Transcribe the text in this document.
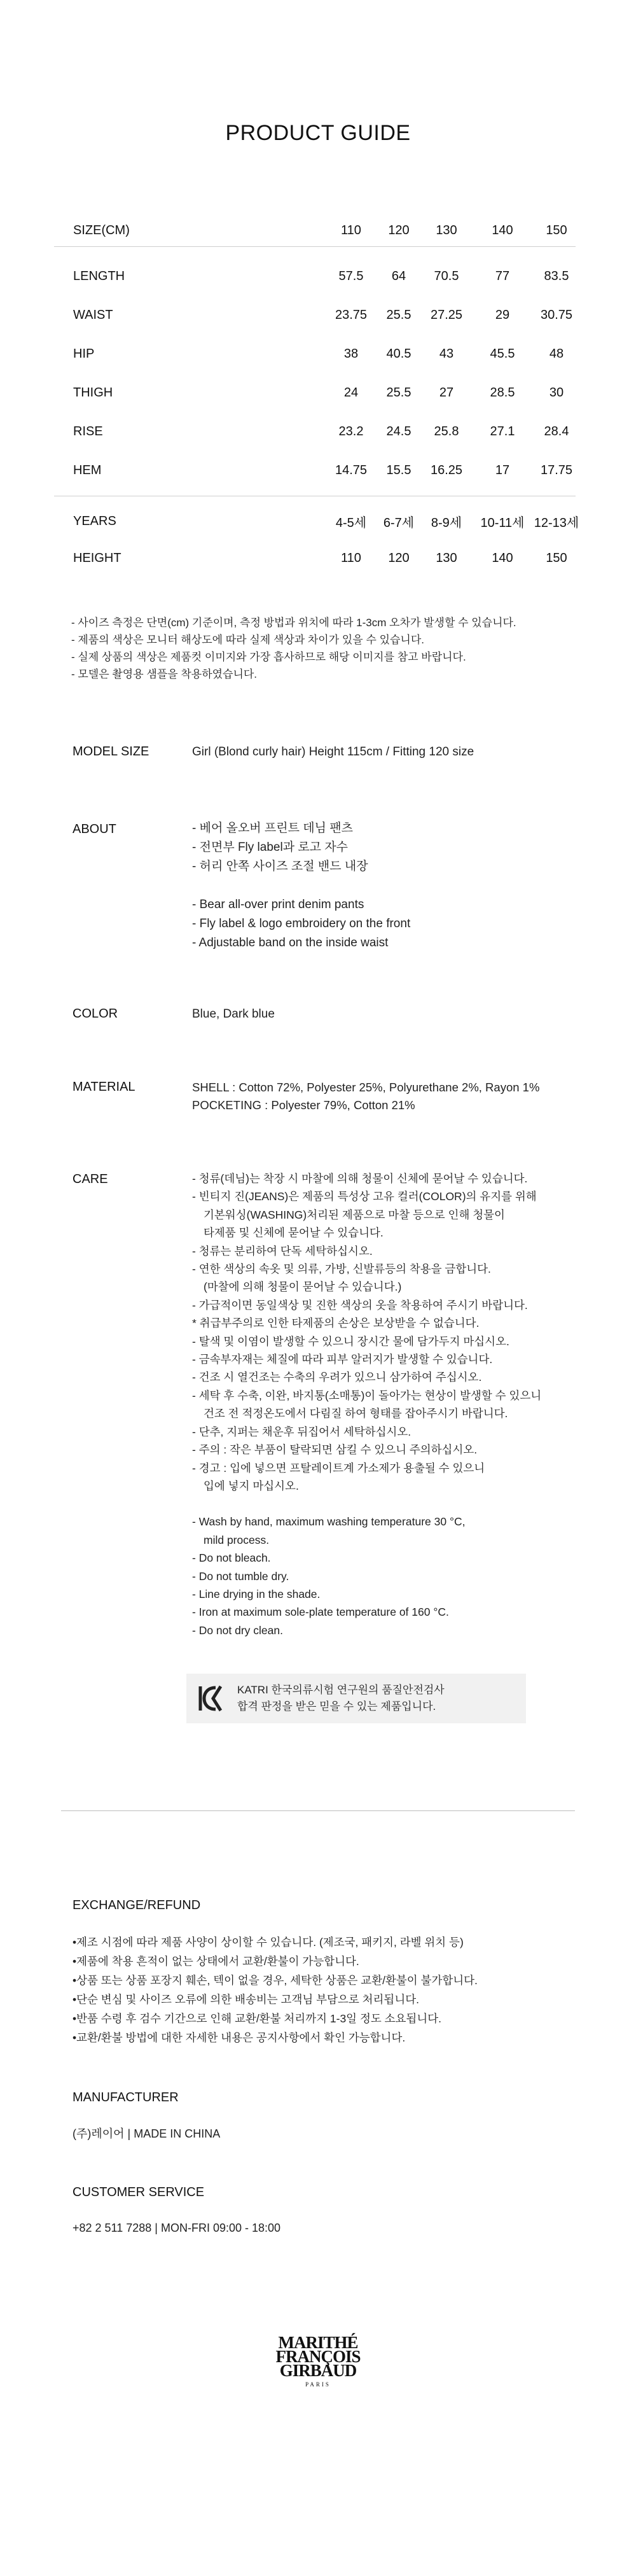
PRODUCT GUIDE
SIZE(CM)	110	120	130	140	150
LENGTH	57.5	64	70.5	77	83.5
WAIST	23.75	25.5	27.25	29	30.75
HIP	38	40.5	43	45.5	48
THIGH	24	25.5	27	28.5	30
RISE	23.2	24.5	25.8	27.1	28.4
HEM	14.75	15.5	16.25	17	17.75
YEARS	4-5세	6-7세	8-9세	10-11세 12-13세
HEIGHT	110	120	130	140	150
- 사이즈 측정은 단면(cm) 기준이며, 측정 방법과 위치에 따라 1-3cm 오차가 발생할 수 있습니다.
- 제품의 색상은 모니터 해상도에 따라 실제 색상과 차이가 있을 수 있습니다.
- 실제 상품의 색상은 제품컷 이미지와 가장 흡사하므로 해당 이미지를 참고 바랍니다.
- 모델은 촬영용 샘플을 착용하였습니다.
MODEL SIZE	Girl (Blond curly hair) Height 115cm / Fitting 120 size
ABOUT	- 베어 올오버 프린트 데님 팬츠
- 전면부 Fly label과 로고 자수
- 허리 안쪽 사이즈 조절 밴드 내장
- Bear all-over print denim pants
- Fly label & logo embroidery on the front
- Adjustable band on the inside waist
COLOR	Blue, Dark blue
MATERIAL	SHELL : Cotton 72%, Polyester 25%, Polyurethane 2%, Rayon 1%
POCKETING : Polyester 79%, Cotton 21%
CARE	- 청류(데님)는 착장 시 마찰에 의해 청물이 신체에 묻어날 수 있습니다.
- 빈티지 진(JEANS)은 제품의 특성상 고유 컬러(COLOR)의 유지를 위해
기본워싱(WASHING)처리된 제품으로 마찰 등으로 인해 청물이
타제품 및 신체에 묻어날 수 있습니다.
- 청류는 분리하여 단독 세탁하십시오.
- 연한 색상의 속옷 및 의류, 가방, 신발류등의 착용을 금합니다.
(마찰에 의해 청물이 묻어날 수 있습니다.)
- 가급적이면 동일색상 및 진한 색상의 옷을 착용하여 주시기 바랍니다.
* 취급부주의로 인한 타제품의 손상은 보상받을 수 없습니다.
- 탈색 및 이염이 발생할 수 있으니 장시간 물에 담가두지 마십시오.
- 금속부자재는 체질에 따라 피부 알러지가 발생할 수 있습니다.
- 건조 시 열건조는 수축의 우려가 있으니 삼가하여 주십시오.
- 세탁 후 수축, 이완, 바지통(소매통)이 돌아가는 현상이 발생할 수 있으니
건조 전 적정온도에서 다림질 하여 형태를 잡아주시기 바랍니다.
- 단추, 지퍼는 채운후 뒤집어서 세탁하십시오.
- 주의 : 작은 부품이 탈락되면 삼킬 수 있으니 주의하십시오.
- 경고 : 입에 넣으면 프탈레이트계 가소제가 용출될 수 있으니
입에 넣지 마십시오.
- Wash by hand, maximum washing temperature 30 °C,
mild process.
- Do not bleach.
- Do not tumble dry.
- Line drying in the shade.
- Iron at maximum sole-plate temperature of 160 °C.
- Do not dry clean.
KATRI 한국의류시험 연구원의 품질안전검사
합격 판정을 받은 믿을 수 있는 제품입니다.
EXCHANGE/REFUND
•제조 시점에 따라 제품 사양이 상이할 수 있습니다. (제조국, 패키지, 라벨 위치 등)
•제품에 착용 흔적이 없는 상태에서 교환/환불이 가능합니다.
•상품 또는 상품 포장지 훼손, 텍이 없을 경우, 세탁한 상품은 교환/환불이 불가합니다.
•단순 변심 및 사이즈 오류에 의한 배송비는 고객님 부담으로 처리됩니다.
•반품 수령 후 검수 기간으로 인해 교환/환불 처리까지 1-3일 정도 소요됩니다.
•교환/환불 방법에 대한 자세한 내용은 공지사항에서 확인 가능합니다.
MANUFACTURER
(주)레이어 | MADE IN CHINA
CUSTOMER SERVICE
+82 2 511 7288 | MON-FRI 09:00 - 18:00
MARITHÉ
FRANÇOIS
GIRBAUD
PARIS
